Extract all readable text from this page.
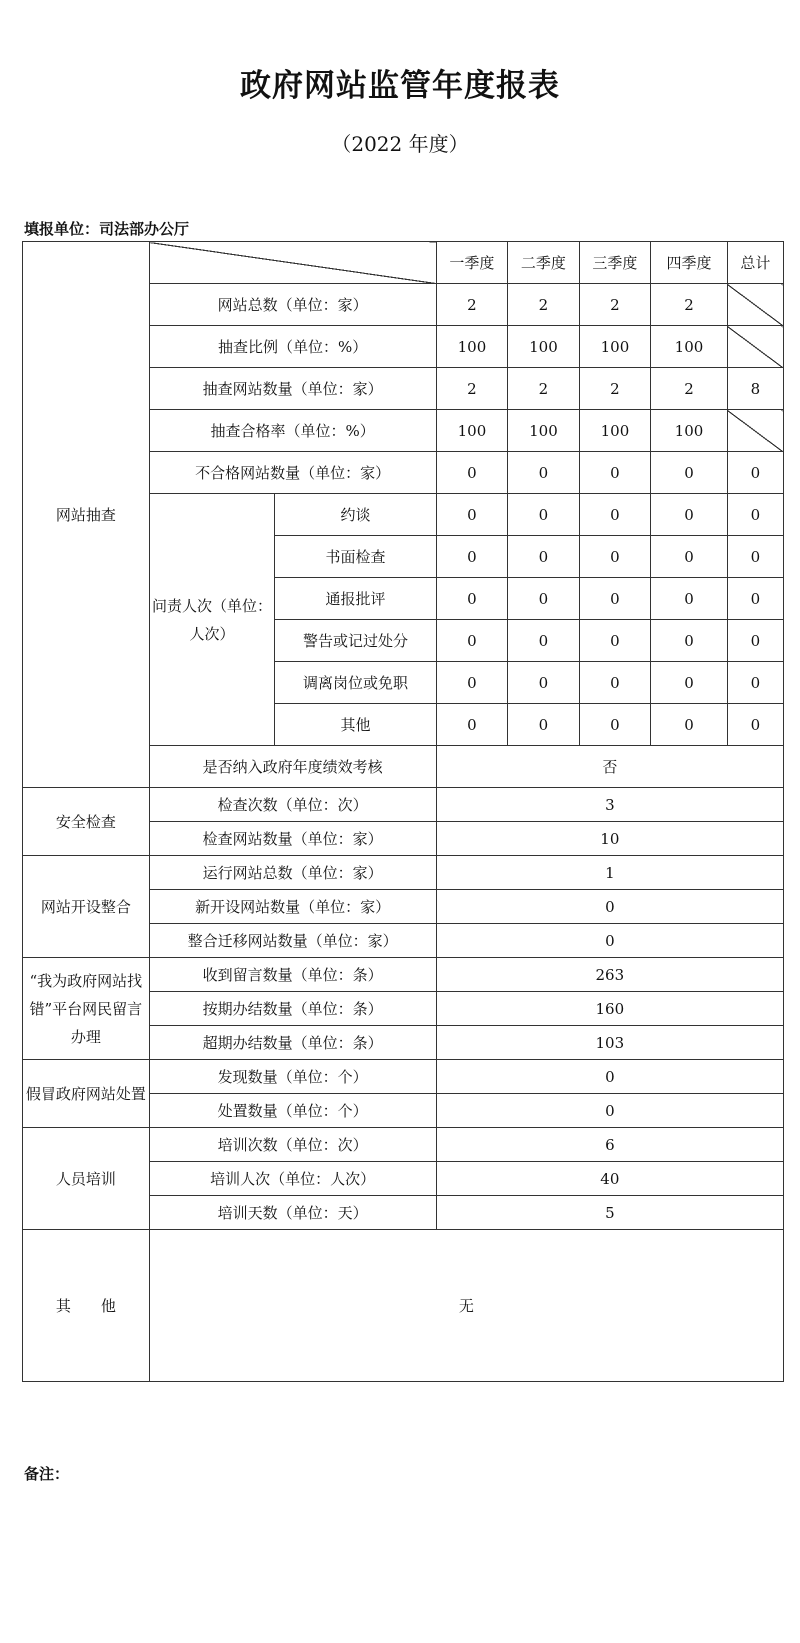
政府网站监管年度报表
（2022 年度）
填报单位：司法部办公厅
网站抽查			一季度	二季度	三季度	四季度	总计
	网站总数（单位：家）		2	2	2	2	
	抽查比例（单位：%）		100	100	100	100	
	抽查网站数量（单位：家）		2	2	2	2	8
	抽查合格率（单位：%）		100	100	100	100	
	不合格网站数量（单位：家）		0	0	0	0	0
	问责人次（单位：人次）	约谈	0	0	0	0	0
		书面检查	0	0	0	0	0
		通报批评	0	0	0	0	0
		警告或记过处分	0	0	0	0	0
		调离岗位或免职	0	0	0	0	0
		其他	0	0	0	0	0
	是否纳入政府年度绩效考核		否				
安全检查	检查次数（单位：次）		3				
	检查网站数量（单位：家）		10				
网站开设整合	运行网站总数（单位：家）		1				
	新开设网站数量（单位：家）		0				
	整合迁移网站数量（单位：家）		0				
“我为政府网站找错”平台网民留言办理	收到留言数量（单位：条）		263				
	按期办结数量（单位：条）		160				
	超期办结数量（单位：条）		103				
假冒政府网站处置	发现数量（单位：个）		0				
	处置数量（单位：个）		0				
人员培训	培训次数（单位：次）		6				
	培训人次（单位：人次）		40				
	培训天数（单位：天）		5				
其他	无						
备注：
